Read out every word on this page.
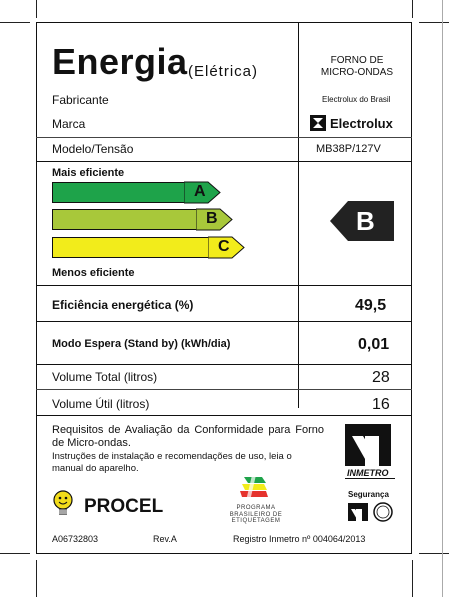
Energia (Elétrica)
FORNO DE
MICRO-ONDAS
Fabricante	Electrolux do Brasil
Marca	Electrolux
Modelo/Tensão	MB38P/127V
Mais eficiente
A
B
C
Menos eficiente
B
Eficiência energética (%)	49,5
Modo Espera (Stand by) (kWh/dia)	0,01
Volume Total (litros)	28
Volume Útil (litros)	16
Requisitos de Avaliação da Conformidade para Forno de Micro-ondas.
Instruções de instalação e recomendações de uso, leia o manual do aparelho.	INMETRO
Segurança
PROCEL	PROGRAMA
BRASILEIRO DE
ETIQUETAGEM
A06732803	Rev.A	Registro Inmetro nº 004064/2013
